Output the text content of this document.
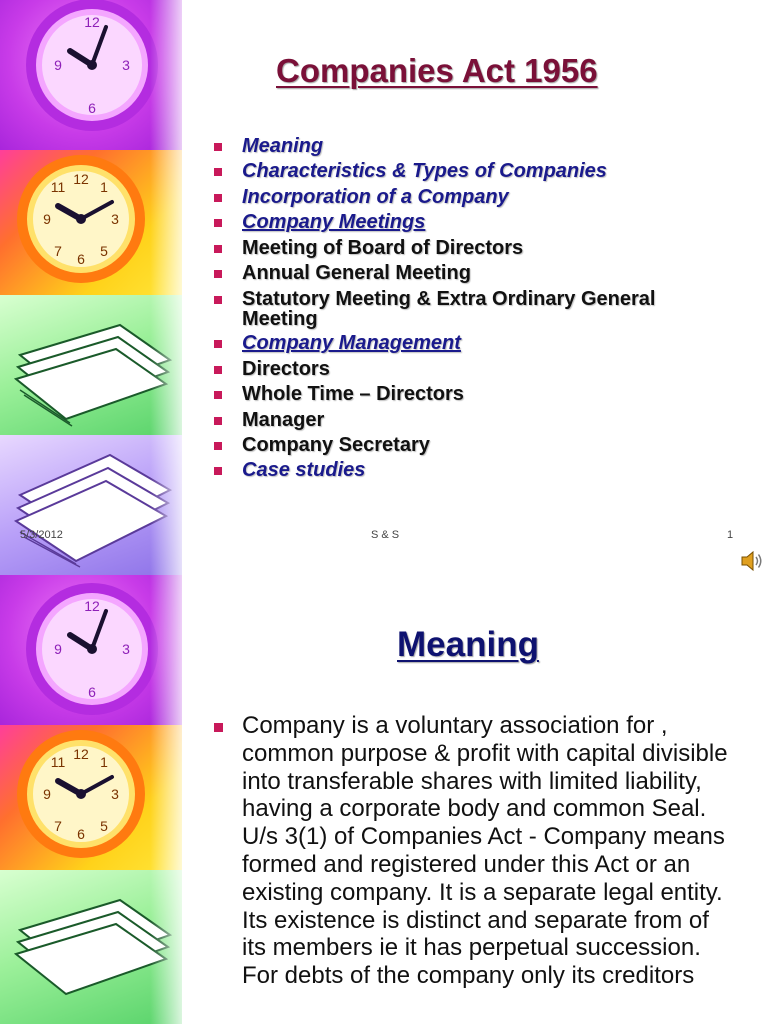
12
3
6
9
12
3
6
9
1
11
7	5
Companies Act 1956
Meaning
Characteristics & Types of Companies
Incorporation of a Company
Company Meetings
Meeting of Board of Directors
Annual General Meeting
Statutory Meeting & Extra Ordinary General Meeting
Company Management
Directors
Whole Time – Directors
Manager
Company Secretary
Case studies
5/3/2012	S & S	1
12
3
6
9
12
3
6
9
1
11
7	5
Meaning
Company is a voluntary association for , common purpose & profit with capital divisible into transferable shares with limited liability, having a corporate body and common Seal. U/s 3(1) of Companies Act - Company means formed and registered under this Act or an existing company. It is a separate legal entity. Its existence is distinct and separate from of its members ie it has perpetual succession. For debts of the company only its creditors
